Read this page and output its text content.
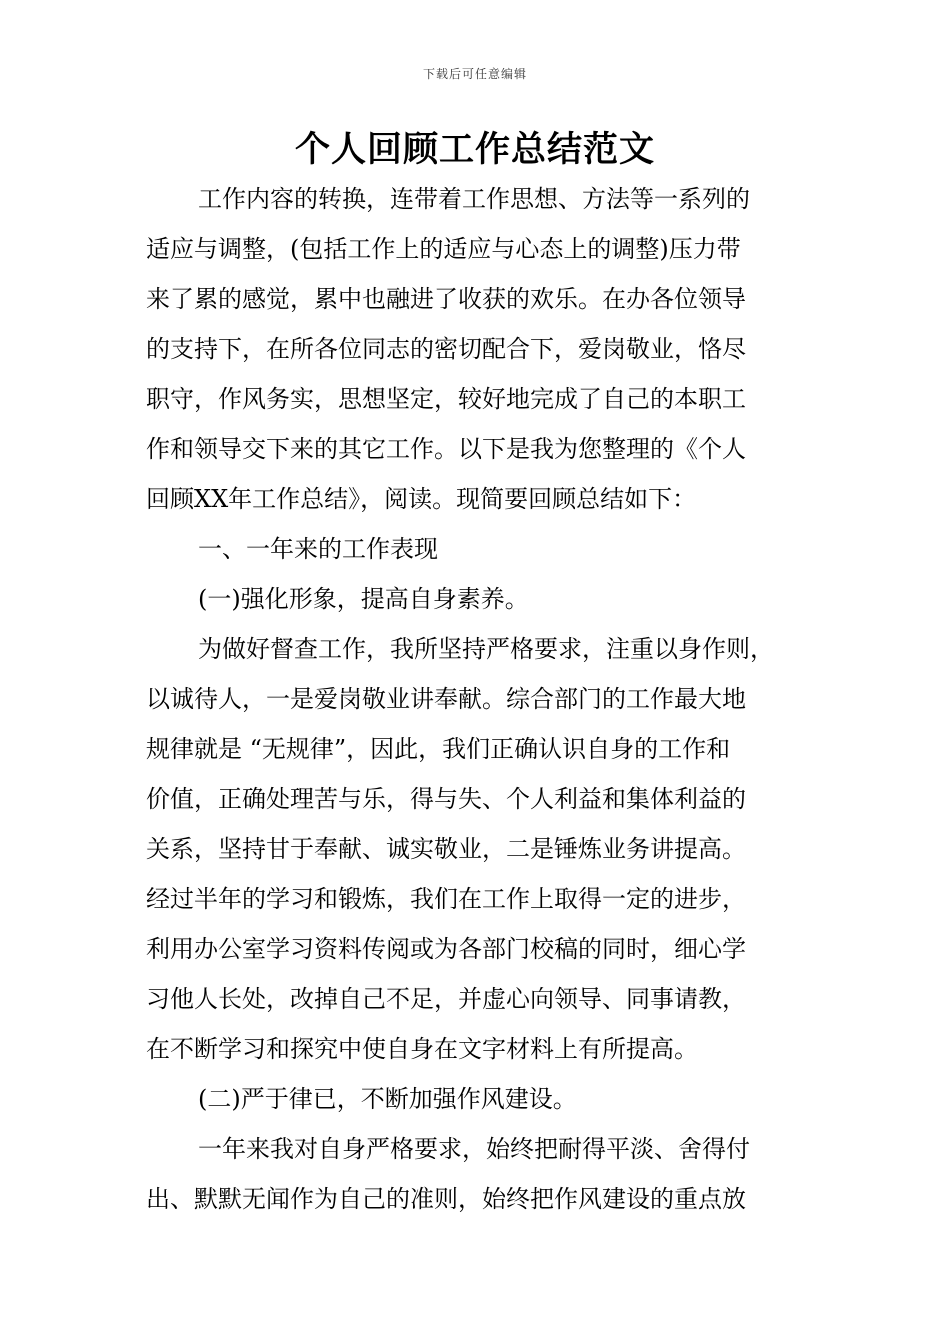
下载后可任意编辑
个人回顾工作总结范文
工作内容的转换，连带着工作思想、方法等一系列的
适应与调整，(包括工作上的适应与心态上的调整)压力带
来了累的感觉，累中也融进了收获的欢乐。在办各位领导
的支持下，在所各位同志的密切配合下，爱岗敬业，恪尽
职守，作风务实，思想坚定，较好地完成了自己的本职工
作和领导交下来的其它工作。以下是我为您整理的《个人
回顾XX年工作总结》，阅读。现简要回顾总结如下：
一、一年来的工作表现
(一)强化形象，提高自身素养。
为做好督查工作，我所坚持严格要求，注重以身作则，
以诚待人，一是爱岗敬业讲奉献。综合部门的工作最大地
规律就是 “无规律”，因此，我们正确认识自身的工作和
价值，正确处理苦与乐，得与失、个人利益和集体利益的
关系，坚持甘于奉献、诚实敬业，二是锤炼业务讲提高。
经过半年的学习和锻炼，我们在工作上取得一定的进步，
利用办公室学习资料传阅或为各部门校稿的同时，细心学
习他人长处，改掉自己不足，并虚心向领导、同事请教，
在不断学习和探究中使自身在文字材料上有所提高。
(二)严于律已，不断加强作风建设。
一年来我对自身严格要求，始终把耐得平淡、舍得付
出、默默无闻作为自己的准则，始终把作风建设的重点放
